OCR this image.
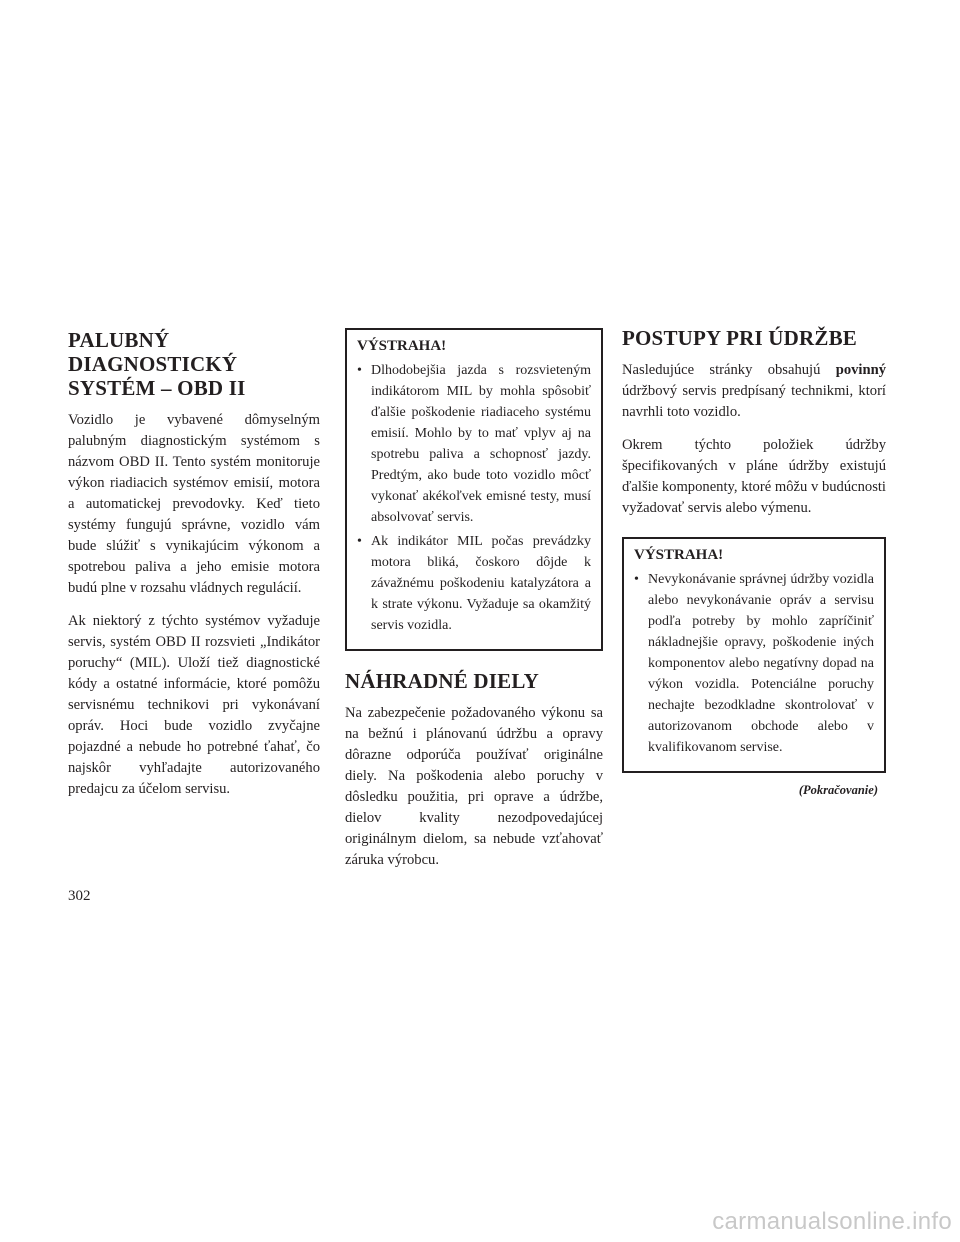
PALUBNÝ
DIAGNOSTICKÝ
SYSTÉM – OBD II

Vozidlo je vybavené dômyselným palubným diagnostickým systémom s názvom OBD II. Tento systém monitoruje výkon riadiacich systémov emisií, motora a automatickej prevodovky. Keď tieto systémy fungujú správne, vozidlo vám bude slúžiť s vynikajúcim výkonom a spotrebou paliva a jeho emisie motora budú plne v rozsahu vládnych regulácií.

Ak niektorý z týchto systémov vyžaduje servis, systém OBD II rozsvieti „Indikátor poruchy“ (MIL). Uloží tiež diagnostické kódy a ostatné informácie, ktoré pomôžu servisnému technikovi pri vykonávaní opráv. Hoci bude vozidlo zvyčajne pojazdné a nebude ho potrebné ťahať, čo najskôr vyhľadajte autorizovaného predajcu za účelom servisu.

VÝSTRAHA!
• Dlhodobejšia jazda s rozsvieteným indikátorom MIL by mohla spôsobiť ďalšie poškodenie riadiaceho systému emisií. Mohlo by to mať vplyv aj na spotrebu paliva a schopnosť jazdy. Predtým, ako bude toto vozidlo môcť vykonať akékoľvek emisné testy, musí absolvovať servis.
• Ak indikátor MIL počas prevádzky motora bliká, čoskoro dôjde k závažnému poškodeniu katalyzátora a k strate výkonu. Vyžaduje sa okamžitý servis vozidla.
NÁHRADNÉ DIELY

Na zabezpečenie požadovaného výkonu sa na bežnú i plánovanú údržbu a opravy dôrazne odporúča používať originálne diely. Na poškodenia alebo poruchy v dôsledku použitia, pri oprave a údržbe, dielov kvality nezodpovedajúcej originálnym dielom, sa nebude vzťahovať záruka výrobcu.

POSTUPY PRI ÚDRŽBE

Nasledujúce stránky obsahujú povinný údržbový servis predpísaný technikmi, ktorí navrhli toto vozidlo.

Okrem týchto položiek údržby špecifikovaných v pláne údržby existujú ďalšie komponenty, ktoré môžu v budúcnosti vyžadovať servis alebo výmenu.

VÝSTRAHA!
• Nevykonávanie správnej údržby vozidla alebo nevykonávanie opráv a servisu podľa potreby by mohlo zapríčiniť nákladnejšie opravy, poškodenie iných komponentov alebo negatívny dopad na výkon vozidla. Potenciálne poruchy nechajte bezodkladne skontrolovať v autorizovanom obchode alebo v kvalifikovanom servise.
(Pokračovanie)
302
carmanualsonline.info
